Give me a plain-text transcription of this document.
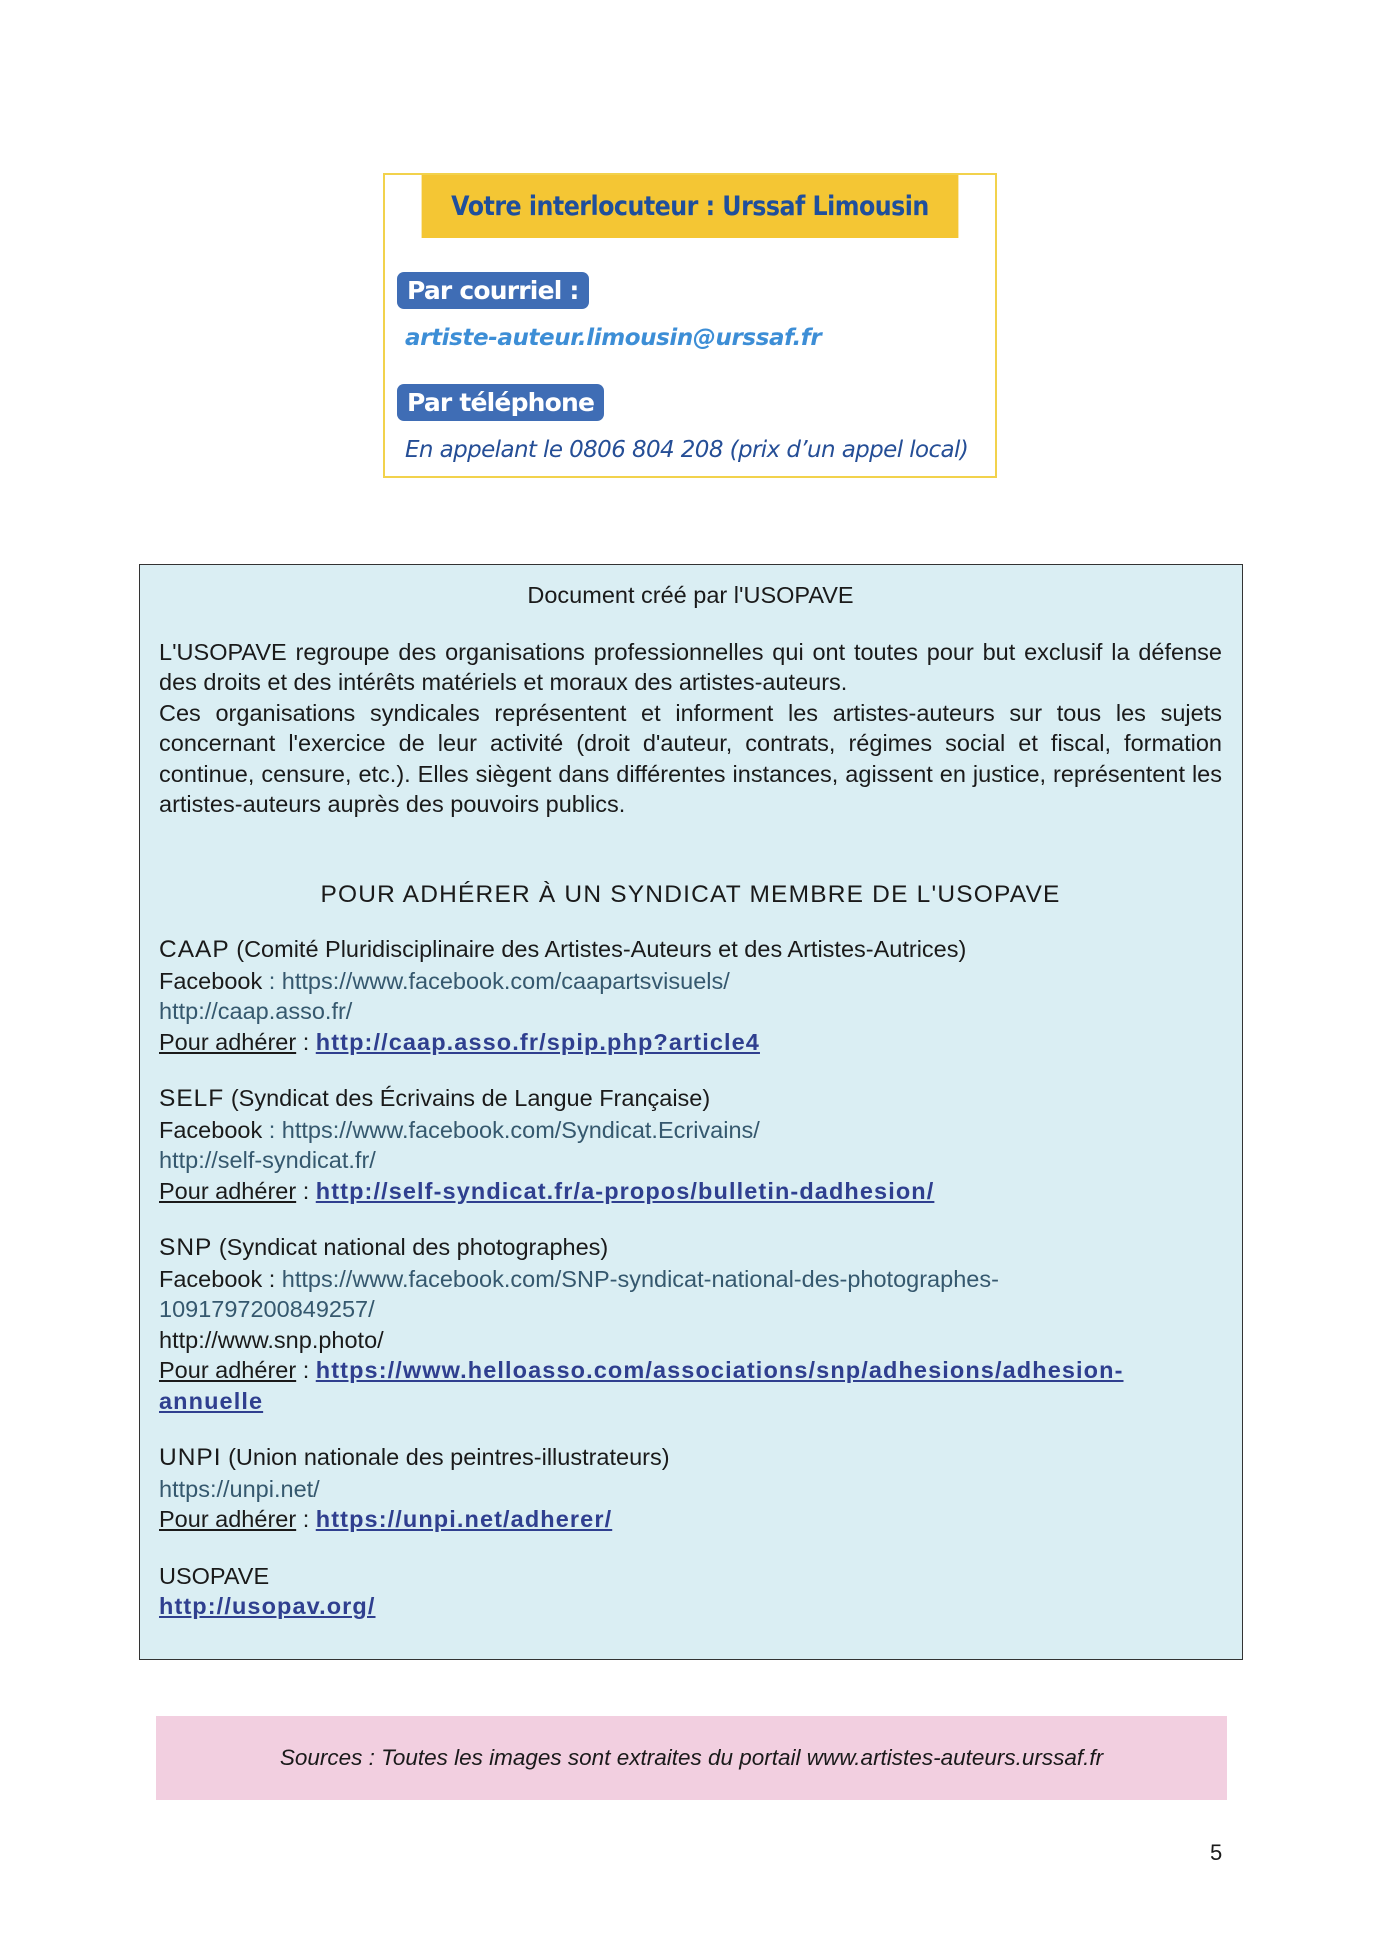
Votre interlocuteur : Urssaf Limousin
Par courriel :
artiste-auteur.limousin@urssaf.fr
Par téléphone
En appelant le 0806 804 208 (prix d’un appel local)
Document créé par l'USOPAVE

L'USOPAVE regroupe des organisations professionnelles qui ont toutes pour but exclusif la défense des droits et des intérêts matériels et moraux des artistes-auteurs.

Ces organisations syndicales représentent et informent les artistes-auteurs sur tous les sujets concernant l'exercice de leur activité (droit d'auteur, contrats, régimes social et fiscal, formation continue, censure, etc.). Elles siègent dans différentes instances, agissent en justice, représentent les artistes-auteurs auprès des pouvoirs publics.

POUR ADHÉRER À UN SYNDICAT MEMBRE DE L'USOPAVE
CAAP (Comité Pluridisciplinaire des Artistes-Auteurs et des Artistes-Autrices)
Facebook : https://www.facebook.com/caapartsvisuels/
http://caap.asso.fr/
Pour adhérer : http://caap.asso.fr/spip.php?article4
SELF (Syndicat des Écrivains de Langue Française)
Facebook : https://www.facebook.com/Syndicat.Ecrivains/
http://self-syndicat.fr/
Pour adhérer : http://self-syndicat.fr/a-propos/bulletin-dadhesion/
SNP (Syndicat national des photographes)
Facebook : https://www.facebook.com/SNP-syndicat-national-des-photographes-
1091797200849257/
http://www.snp.photo/
Pour adhérer : https://www.helloasso.com/associations/snp/adhesions/adhesion-
annuelle
UNPI (Union nationale des peintres-illustrateurs)
https://unpi.net/
Pour adhérer : https://unpi.net/adherer/
USOPAVE
http://usopav.org/
Sources : Toutes les images sont extraites du portail www.artistes-auteurs.urssaf.fr
5
